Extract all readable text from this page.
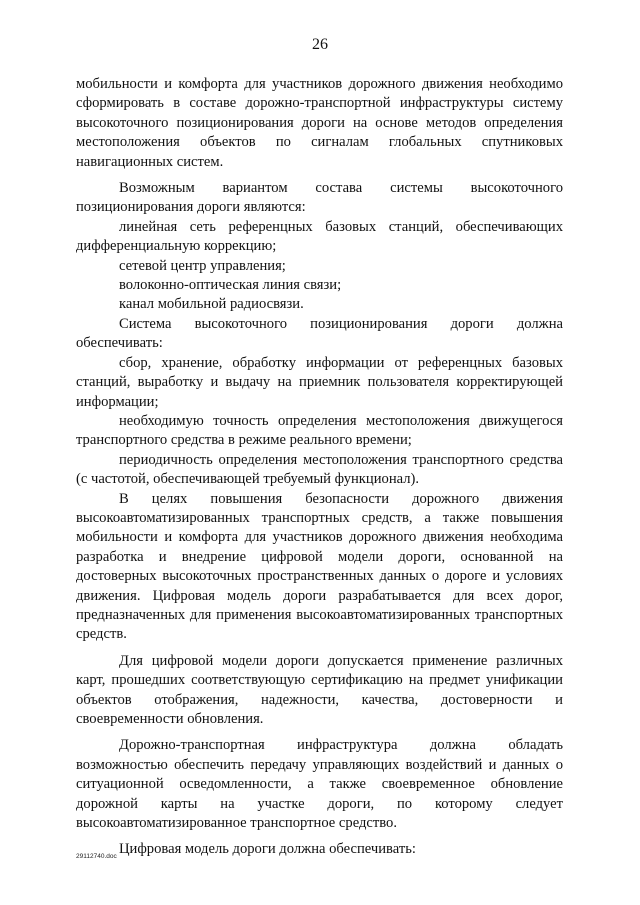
26

мобильности и комфорта для участников дорожного движения необходимо сформировать в составе дорожно-транспортной инфраструктуры систему высокоточного позиционирования дороги на основе методов определения местоположения объектов по сигналам глобальных спутниковых навигационных систем.

Возможным вариантом состава системы высокоточного позиционирования дороги являются:

линейная сеть референцных базовых станций, обеспечивающих дифференциальную коррекцию;

сетевой центр управления;

волоконно-оптическая линия связи;

канал мобильной радиосвязи.

Система высокоточного позиционирования дороги должна обеспечивать:

сбор, хранение, обработку информации от референцных базовых станций, выработку и выдачу на приемник пользователя корректирующей информации;

необходимую точность определения местоположения движущегося транспортного средства в режиме реального времени;

периодичность определения местоположения транспортного средства (с частотой, обеспечивающей требуемый функционал).

В целях повышения безопасности дорожного движения высокоавтоматизированных транспортных средств, а также повышения мобильности и комфорта для участников дорожного движения необходима разработка и внедрение цифровой модели дороги, основанной на достоверных высокоточных пространственных данных о дороге и условиях движения. Цифровая модель дороги разрабатывается для всех дорог, предназначенных для применения высокоавтоматизированных транспортных средств.

Для цифровой модели дороги допускается применение различных карт, прошедших соответствующую сертификацию на предмет унификации объектов отображения, надежности, качества, достоверности и своевременности обновления.

Дорожно-транспортная инфраструктура должна обладать возможностью обеспечить передачу управляющих воздействий и данных о ситуационной осведомленности, а также своевременное обновление дорожной карты на участке дороги, по которому следует высокоавтоматизированное транспортное средство.

Цифровая модель дороги должна обеспечивать:

29112740.doc
